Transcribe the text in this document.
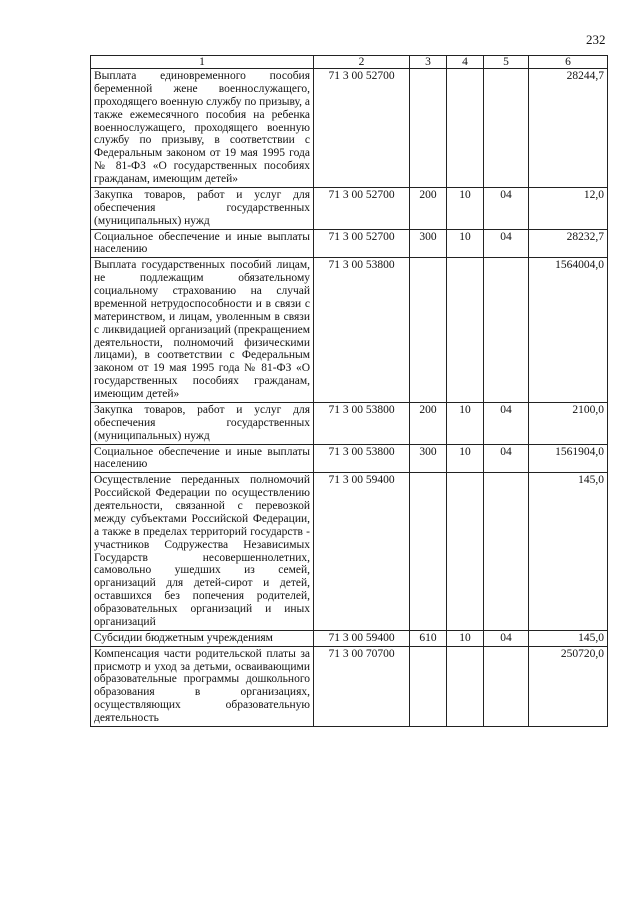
232
1	2	3	4	5	6
Выплата единовременного пособия беременной жене военнослужащего, проходящего военную службу по призыву, а также ежемесячного пособия на ребенка военнослужащего, проходящего военную службу по призыву, в соответствии с Федеральным законом от 19 мая 1995 года № 81-ФЗ «О государственных пособиях гражданам, имеющим детей»	71 3 00 52700				28244,7
Закупка товаров, работ и услуг для обеспечения государственных (муниципальных) нужд	71 3 00 52700	200	10	04	12,0
Социальное обеспечение и иные выплаты населению	71 3 00 52700	300	10	04	28232,7
Выплата государственных пособий лицам, не подлежащим обязательному социальному страхованию на случай временной нетрудоспособности и в связи с материнством, и лицам, уволенным в связи с ликвидацией организаций (прекращением деятельности, полномочий физическими лицами), в соответствии с Федеральным законом от 19 мая 1995 года № 81-ФЗ «О государственных пособиях гражданам, имеющим детей»	71 3 00 53800				1564004,0
Закупка товаров, работ и услуг для обеспечения государственных (муниципальных) нужд	71 3 00 53800	200	10	04	2100,0
Социальное обеспечение и иные выплаты населению	71 3 00 53800	300	10	04	1561904,0
Осуществление переданных полномочий Российской Федерации по осуществлению деятельности, связанной с перевозкой между субъектами Российской Федерации, а также в пределах территорий государств - участников Содружества Независимых Государств несовершеннолетних, самовольно ушедших из семей, организаций для детей-сирот и детей, оставшихся без попечения родителей, образовательных организаций и иных организаций	71 3 00 59400				145,0
Субсидии бюджетным учреждениям	71 3 00 59400	610	10	04	145,0
Компенсация части родительской платы за присмотр и уход за детьми, осваивающими образовательные программы дошкольного образования в организациях, осуществляющих образовательную деятельность	71 3 00 70700				250720,0
